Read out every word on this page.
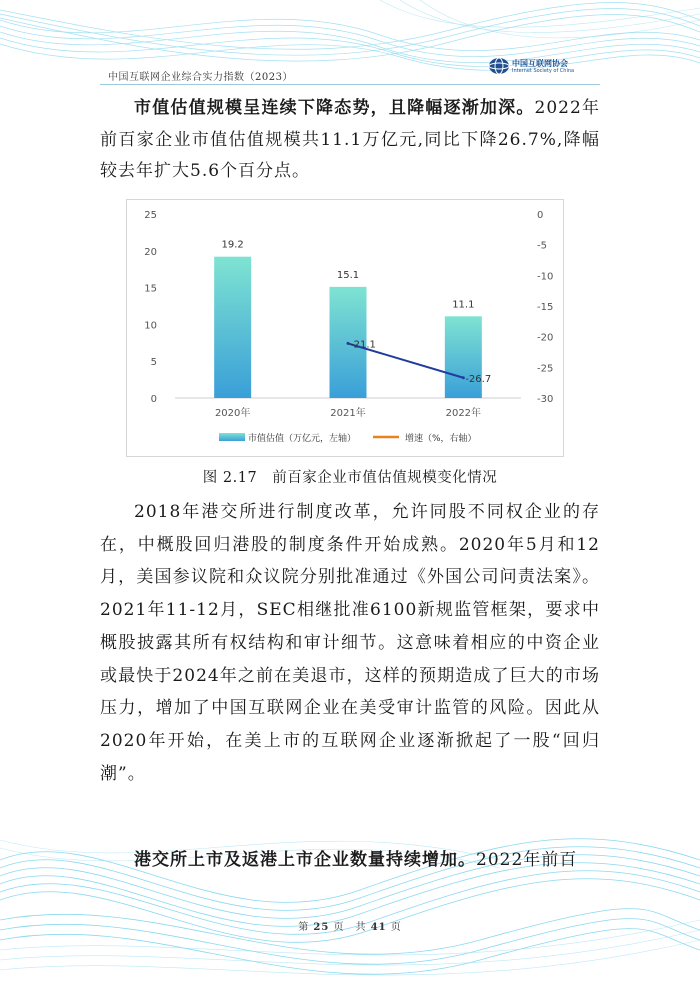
中国互联网企业综合实力指数（2023）
中国互联网协会
Internet Society of China

市值估值规模呈连续下降态势，且降幅逐渐加深。2022年前百家企业市值估值规模共11.1万亿元,同比下降26.7%,降幅较去年扩大5.6个百分点。

0
5
10
15
20
25	0
-5
-10
-15
-20
-25
-30
19.2
15.1
11.1
-21.1
-26.7
2020年	2021年	2022年
市值估值（万亿元，左轴）	增速（%，右轴）
图 2.17　前百家企业市值估值规模变化情况

2018年港交所进行制度改革，允许同股不同权企业的存在，中概股回归港股的制度条件开始成熟。2020年5月和12月，美国参议院和众议院分别批准通过《外国公司问责法案》。2021年11-12月，SEC相继批准6100新规监管框架，要求中概股披露其所有权结构和审计细节。这意味着相应的中资企业或最快于2024年之前在美退市，这样的预期造成了巨大的市场压力，增加了中国互联网企业在美受审计监管的风险。因此从2020年开始，在美上市的互联网企业逐渐掀起了一股“回归潮”。

港交所上市及返港上市企业数量持续增加。2022年前百

第 25 页　共 41 页
